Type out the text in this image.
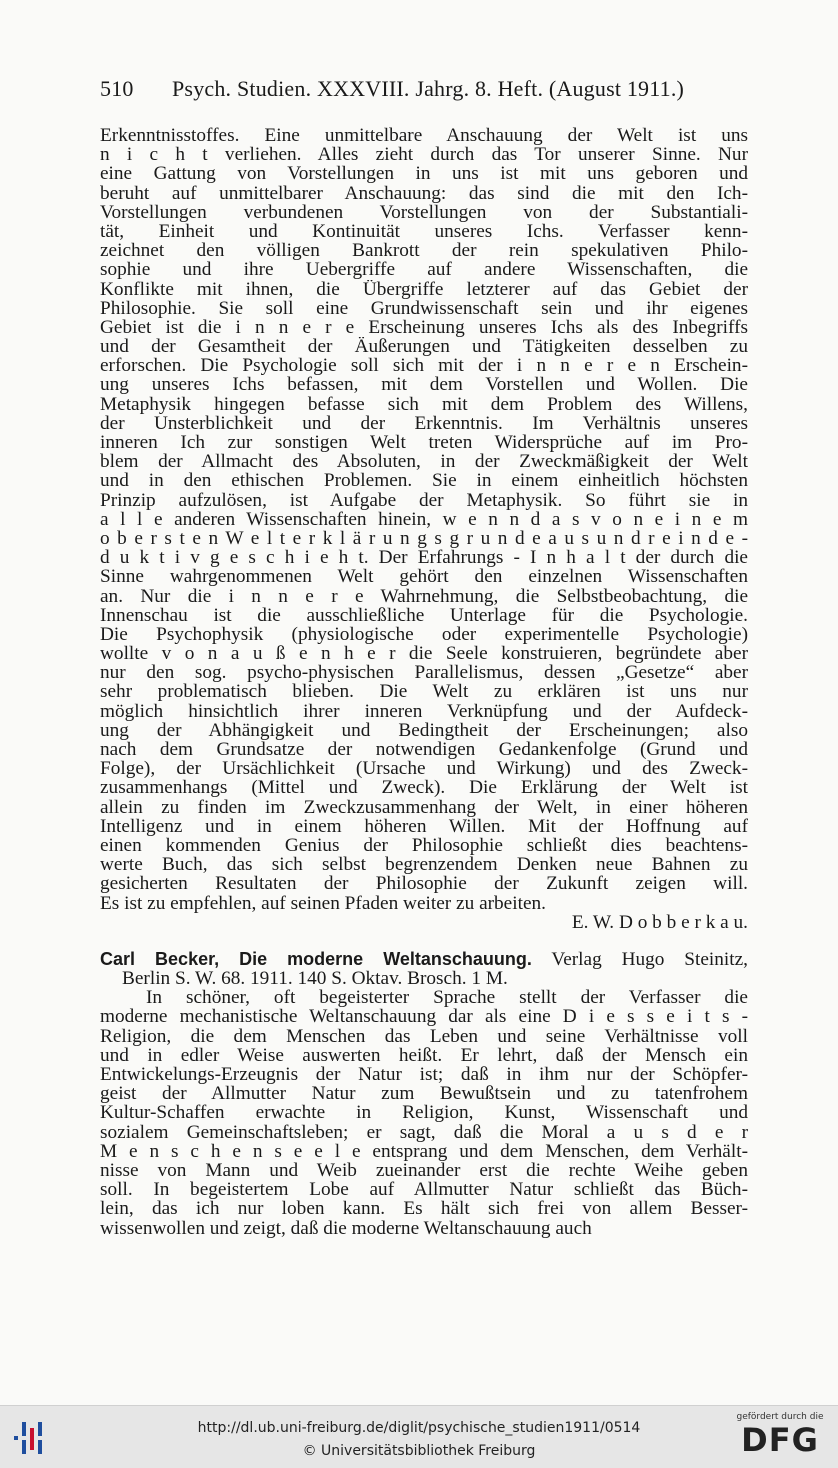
510	Psych. Studien. XXXVIII. Jahrg. 8. Heft. (August 1911.)
Erkenntnisstoffes. Eine unmittelbare Anschauung der Welt ist uns
n i c h t verliehen. Alles zieht durch das Tor unserer Sinne. Nur
eine Gattung von Vorstellungen in uns ist mit uns geboren und
beruht auf unmittelbarer Anschauung: das sind die mit den Ich-
Vorstellungen verbundenen Vorstellungen von der Substantiali-
tät, Einheit und Kontinuität unseres Ichs. Verfasser kenn-
zeichnet den völligen Bankrott der rein spekulativen Philo-
sophie und ihre Uebergriffe auf andere Wissenschaften, die
Konflikte mit ihnen, die Übergriffe letzterer auf das Gebiet der
Philosophie. Sie soll eine Grundwissenschaft sein und ihr eigenes
Gebiet ist die i n n e r e Erscheinung unseres Ichs als des Inbegriffs
und der Gesamtheit der Äußerungen und Tätigkeiten desselben zu
erforschen. Die Psychologie soll sich mit der i n n e r e n Erschein-
ung unseres Ichs befassen, mit dem Vorstellen und Wollen. Die
Metaphysik hingegen befasse sich mit dem Problem des Willens,
der Unsterblichkeit und der Erkenntnis. Im Verhältnis unseres
inneren Ich zur sonstigen Welt treten Widersprüche auf im Pro-
blem der Allmacht des Absoluten, in der Zweckmäßigkeit der Welt
und in den ethischen Problemen. Sie in einem einheitlich höchsten
Prinzip aufzulösen, ist Aufgabe der Metaphysik. So führt sie in
a l l e anderen Wissenschaften hinein, w e n n d a s v o n e i n e m
o b e r s t e n W e l t e r k l ä r u n g s g r u n d e a u s u n d r e i n d e -
d u k t i v g e s c h i e h t. Der Erfahrungs - I n h a l t der durch die
Sinne wahrgenommenen Welt gehört den einzelnen Wissenschaften
an. Nur die i n n e r e Wahrnehmung, die Selbstbeobachtung, die
Innenschau ist die ausschließliche Unterlage für die Psychologie.
Die Psychophysik (physiologische oder experimentelle Psychologie)
wollte v o n a u ß e n h e r die Seele konstruieren, begründete aber
nur den sog. psycho-physischen Parallelismus, dessen „Gesetze“ aber
sehr problematisch blieben. Die Welt zu erklären ist uns nur
möglich hinsichtlich ihrer inneren Verknüpfung und der Aufdeck-
ung der Abhängigkeit und Bedingtheit der Erscheinungen; also
nach dem Grundsatze der notwendigen Gedankenfolge (Grund und
Folge), der Ursächlichkeit (Ursache und Wirkung) und des Zweck-
zusammenhangs (Mittel und Zweck). Die Erklärung der Welt ist
allein zu finden im Zweckzusammenhang der Welt, in einer höheren
Intelligenz und in einem höheren Willen. Mit der Hoffnung auf
einen kommenden Genius der Philosophie schließt dies beachtens-
werte Buch, das sich selbst begrenzendem Denken neue Bahnen zu
gesicherten Resultaten der Philosophie der Zukunft zeigen will.
Es ist zu empfehlen, auf seinen Pfaden weiter zu arbeiten.
E. W. D o b b e r k a u.
Carl Becker, Die moderne Weltanschauung. Verlag Hugo Steinitz,
Berlin S. W. 68. 1911. 140 S. Oktav. Brosch. 1 M.
In schöner, oft begeisterter Sprache stellt der Verfasser die
moderne mechanistische Weltanschauung dar als eine D i e s s e i t s -
Religion, die dem Menschen das Leben und seine Verhältnisse voll
und in edler Weise auswerten heißt. Er lehrt, daß der Mensch ein
Entwickelungs-Erzeugnis der Natur ist; daß in ihm nur der Schöpfer-
geist der Allmutter Natur zum Bewußtsein und zu tatenfrohem
Kultur-Schaffen erwachte in Religion, Kunst, Wissenschaft und
sozialem Gemeinschaftsleben; er sagt, daß die Moral a u s d e r
M e n s c h e n s e e l e entsprang und dem Menschen, dem Verhält-
nisse von Mann und Weib zueinander erst die rechte Weihe geben
soll. In begeistertem Lobe auf Allmutter Natur schließt das Büch-
lein, das ich nur loben kann. Es hält sich frei von allem Besser-
wissenwollen und zeigt, daß die moderne Weltanschauung auch
http://dl.ub.uni-freiburg.de/diglit/psychische_studien1911/0514
© Universitätsbibliothek Freiburg
gefördert durch die
DFG
